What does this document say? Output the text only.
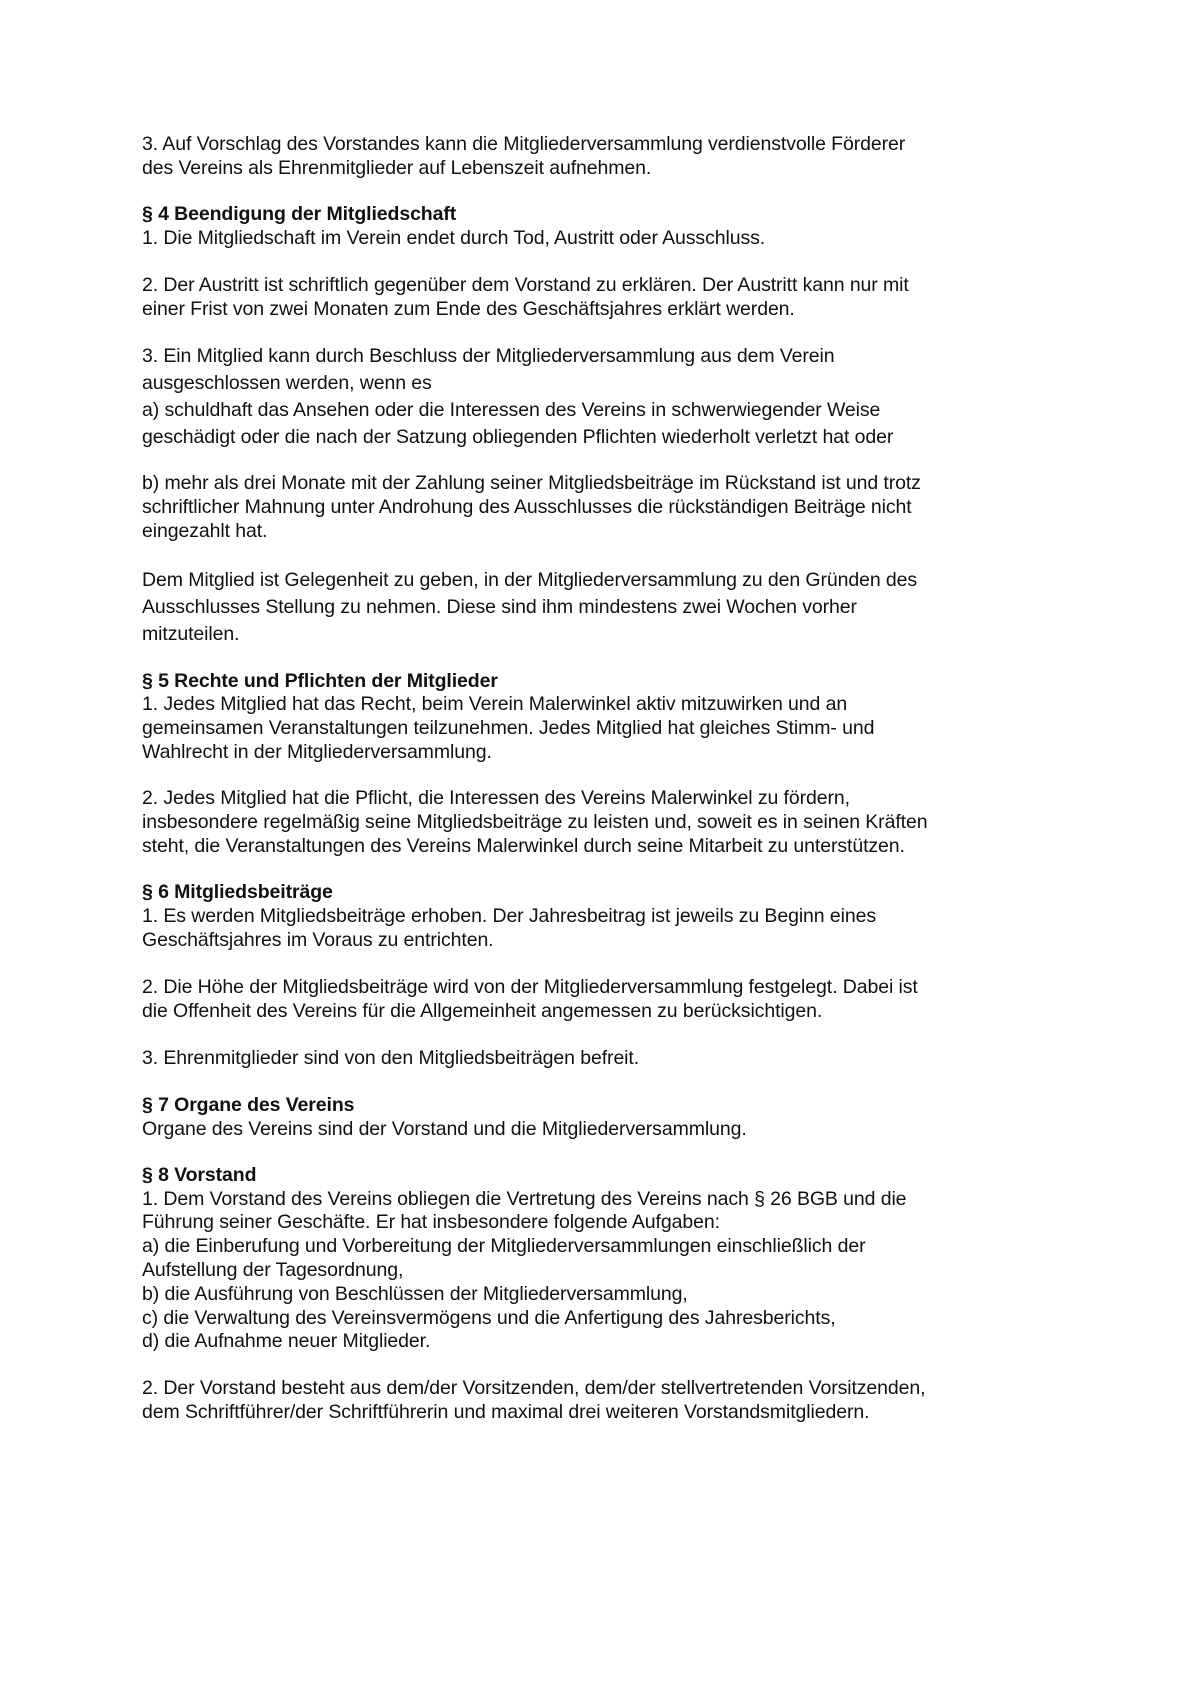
3. Auf Vorschlag des Vorstandes kann die Mitgliederversammlung verdienstvolle Förderer
des Vereins als Ehrenmitglieder auf Lebenszeit aufnehmen.
§ 4 Beendigung der Mitgliedschaft
1. Die Mitgliedschaft im Verein endet durch Tod, Austritt oder Ausschluss.
2. Der Austritt ist schriftlich gegenüber dem Vorstand zu erklären. Der Austritt kann nur mit
einer Frist von zwei Monaten zum Ende des Geschäftsjahres erklärt werden.
3. Ein Mitglied kann durch Beschluss der Mitgliederversammlung aus dem Verein
ausgeschlossen werden, wenn es
a) schuldhaft das Ansehen oder die Interessen des Vereins in schwerwiegender Weise
geschädigt oder die nach der Satzung obliegenden Pflichten wiederholt verletzt hat oder
b) mehr als drei Monate mit der Zahlung seiner Mitgliedsbeiträge im Rückstand ist und trotz
schriftlicher Mahnung unter Androhung des Ausschlusses die rückständigen Beiträge nicht
eingezahlt hat.
Dem Mitglied ist Gelegenheit zu geben, in der Mitgliederversammlung zu den Gründen des
Ausschlusses Stellung zu nehmen. Diese sind ihm mindestens zwei Wochen vorher
mitzuteilen.
§ 5 Rechte und Pflichten der Mitglieder
1. Jedes Mitglied hat das Recht, beim Verein Malerwinkel aktiv mitzuwirken und an
gemeinsamen Veranstaltungen teilzunehmen. Jedes Mitglied hat gleiches Stimm- und
Wahlrecht in der Mitgliederversammlung.
2. Jedes Mitglied hat die Pflicht, die Interessen des Vereins Malerwinkel zu fördern,
insbesondere regelmäßig seine Mitgliedsbeiträge zu leisten und, soweit es in seinen Kräften
steht, die Veranstaltungen des Vereins Malerwinkel durch seine Mitarbeit zu unterstützen.
§ 6 Mitgliedsbeiträge
1. Es werden Mitgliedsbeiträge erhoben. Der Jahresbeitrag ist jeweils zu Beginn eines
Geschäftsjahres im Voraus zu entrichten.
2. Die Höhe der Mitgliedsbeiträge wird von der Mitgliederversammlung festgelegt. Dabei ist
die Offenheit des Vereins für die Allgemeinheit angemessen zu berücksichtigen.
3. Ehrenmitglieder sind von den Mitgliedsbeiträgen befreit.
§ 7 Organe des Vereins
Organe des Vereins sind der Vorstand und die Mitgliederversammlung.
§ 8 Vorstand
1. Dem Vorstand des Vereins obliegen die Vertretung des Vereins nach § 26 BGB und die
Führung seiner Geschäfte. Er hat insbesondere folgende Aufgaben:
a) die Einberufung und Vorbereitung der Mitgliederversammlungen einschließlich der
Aufstellung der Tagesordnung,
b) die Ausführung von Beschlüssen der Mitgliederversammlung,
c) die Verwaltung des Vereinsvermögens und die Anfertigung des Jahresberichts,
d) die Aufnahme neuer Mitglieder.
2. Der Vorstand besteht aus dem/der Vorsitzenden, dem/der stellvertretenden Vorsitzenden,
dem Schriftführer/der Schriftführerin und maximal drei weiteren Vorstandsmitgliedern.
